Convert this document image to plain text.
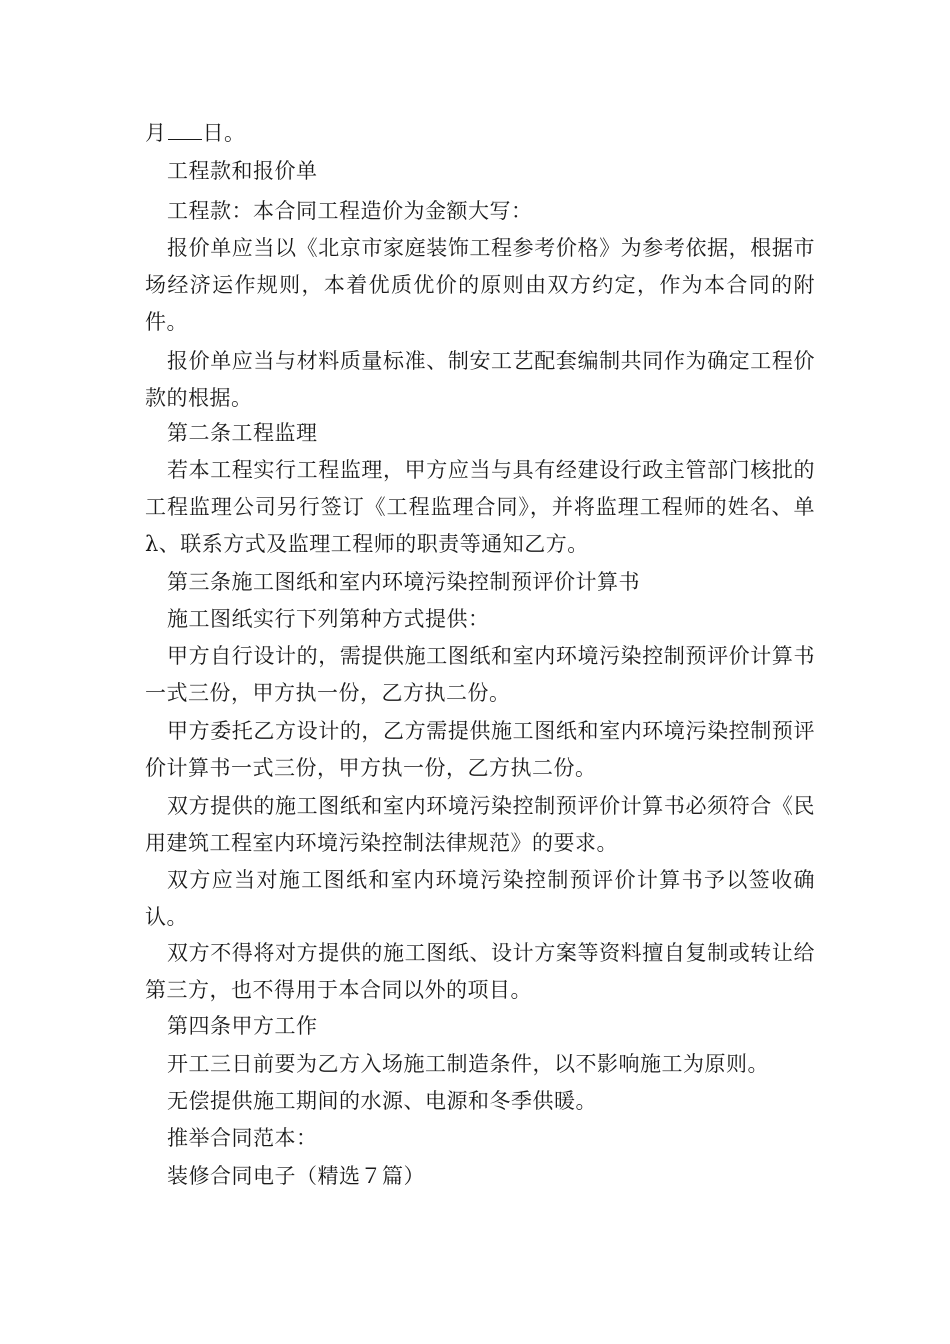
月 日。
工程款和报价单
工程款：本合同工程造价为金额大写：
报价单应当以《北京市家庭装饰工程参考价格》为参考依据，根据市场经济运作规则，本着优质优价的原则由双方约定，作为本合同的附件。
报价单应当与材料质量标准、制安工艺配套编制共同作为确定工程价款的根据。
第二条工程监理
若本工程实行工程监理，甲方应当与具有经建设行政主管部门核批的工程监理公司另行签订《工程监理合同》，并将监理工程师的姓名、单λ、联系方式及监理工程师的职责等通知乙方。
第三条施工图纸和室内环境污染控制预评价计算书
施工图纸实行下列第种方式提供：
甲方自行设计的，需提供施工图纸和室内环境污染控制预评价计算书一式三份，甲方执一份，乙方执二份。
甲方委托乙方设计的，乙方需提供施工图纸和室内环境污染控制预评价计算书一式三份，甲方执一份，乙方执二份。
双方提供的施工图纸和室内环境污染控制预评价计算书必须符合《民用建筑工程室内环境污染控制法律规范》的要求。
双方应当对施工图纸和室内环境污染控制预评价计算书予以签收确认。
双方不得将对方提供的施工图纸、设计方案等资料擅自复制或转让给第三方，也不得用于本合同以外的项目。
第四条甲方工作
开工三日前要为乙方入场施工制造条件，以不影响施工为原则。
无偿提供施工期间的水源、电源和冬季供暖。
推举合同范本：
装修合同电子（精选７篇）
